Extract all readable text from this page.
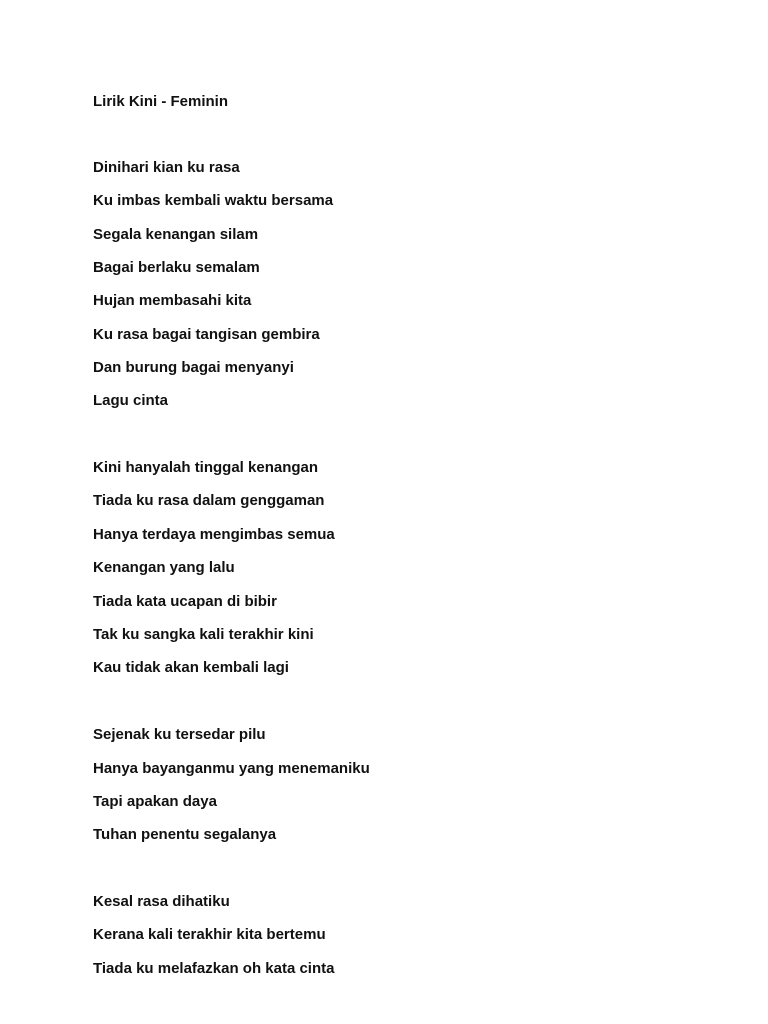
Lirik Kini - Feminin
Dinihari kian ku rasa
Ku imbas kembali waktu bersama
Segala kenangan silam
Bagai berlaku semalam
Hujan membasahi kita
Ku rasa bagai tangisan gembira
Dan burung bagai menyanyi
Lagu cinta
Kini hanyalah tinggal kenangan
Tiada ku rasa dalam genggaman
Hanya terdaya mengimbas semua
Kenangan yang lalu
Tiada kata ucapan di bibir
Tak ku sangka kali terakhir kini
Kau tidak akan kembali lagi
Sejenak ku tersedar pilu
Hanya bayanganmu yang menemaniku
Tapi apakan daya
Tuhan penentu segalanya
Kesal rasa dihatiku
Kerana kali terakhir kita bertemu
Tiada ku melafazkan oh kata cinta
